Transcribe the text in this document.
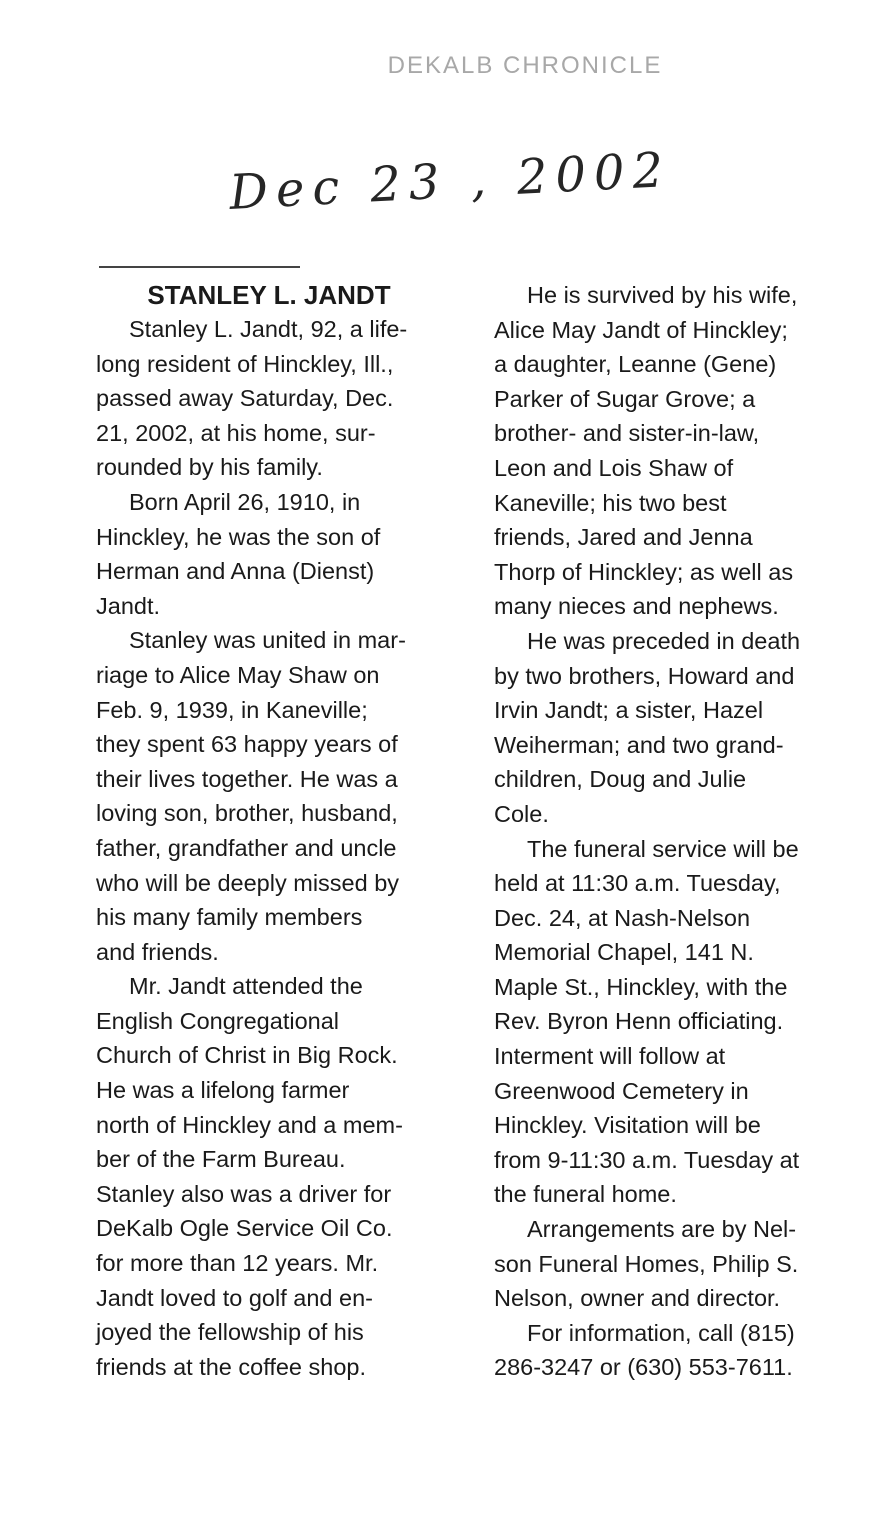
DEKALB CHRONICLE
Dec 23 , 2002
STANLEY L. JANDT
Stanley L. Jandt, 92, a life-
long resident of Hinckley, Ill.,
passed away Saturday, Dec.
21, 2002, at his home, sur-
rounded by his family.
Born April 26, 1910, in
Hinckley, he was the son of
Herman and Anna (Dienst)
Jandt.
Stanley was united in mar-
riage to Alice May Shaw on
Feb. 9, 1939, in Kaneville;
they spent 63 happy years of
their lives together. He was a
loving son, brother, husband,
father, grandfather and uncle
who will be deeply missed by
his many family members
and friends.
Mr. Jandt attended the
English Congregational
Church of Christ in Big Rock.
He was a lifelong farmer
north of Hinckley and a mem-
ber of the Farm Bureau.
Stanley also was a driver for
DeKalb Ogle Service Oil Co.
for more than 12 years. Mr.
Jandt loved to golf and en-
joyed the fellowship of his
friends at the coffee shop.
He is survived by his wife,
Alice May Jandt of Hinckley;
a daughter, Leanne (Gene)
Parker of Sugar Grove; a
brother- and sister-in-law,
Leon and Lois Shaw of
Kaneville; his two best
friends, Jared and Jenna
Thorp of Hinckley; as well as
many nieces and nephews.
He was preceded in death
by two brothers, Howard and
Irvin Jandt; a sister, Hazel
Weiherman; and two grand-
children, Doug and Julie
Cole.
The funeral service will be
held at 11:30 a.m. Tuesday,
Dec. 24, at Nash-Nelson
Memorial Chapel, 141 N.
Maple St., Hinckley, with the
Rev. Byron Henn officiating.
Interment will follow at
Greenwood Cemetery in
Hinckley. Visitation will be
from 9-11:30 a.m. Tuesday at
the funeral home.
Arrangements are by Nel-
son Funeral Homes, Philip S.
Nelson, owner and director.
For information, call (815)
286-3247 or (630) 553-7611.
